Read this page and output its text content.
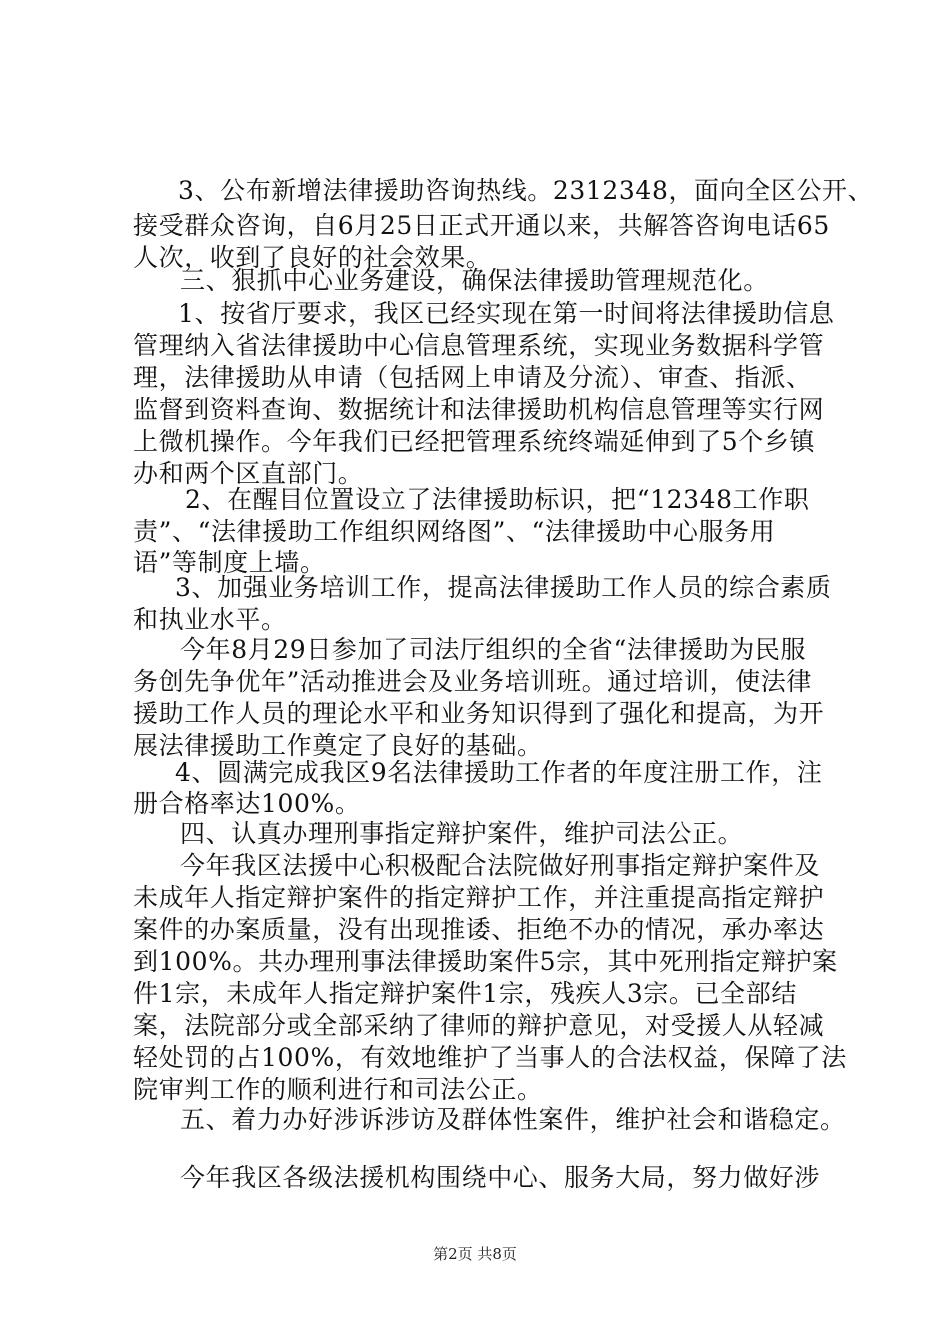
3、公布新增法律援助咨询热线。2312348，面向全区公开、
接受群众咨询，自6月25日正式开通以来，共解答咨询电话65
人次，收到了良好的社会效果。
三、狠抓中心业务建设，确保法律援助管理规范化。
1、按省厅要求，我区已经实现在第一时间将法律援助信息
管理纳入省法律援助中心信息管理系统，实现业务数据科学管
理，法律援助从申请（包括网上申请及分流）、审查、指派、
监督到资料查询、数据统计和法律援助机构信息管理等实行网
上微机操作。今年我们已经把管理系统终端延伸到了5个乡镇
办和两个区直部门。
2、在醒目位置设立了法律援助标识，把“12348工作职
责”、“法律援助工作组织网络图”、“法律援助中心服务用
语”等制度上墙。
3、加强业务培训工作，提高法律援助工作人员的综合素质
和执业水平。
今年8月29日参加了司法厅组织的全省“法律援助为民服
务创先争优年”活动推进会及业务培训班。通过培训，使法律
援助工作人员的理论水平和业务知识得到了强化和提高，为开
展法律援助工作奠定了良好的基础。
4、圆满完成我区9名法律援助工作者的年度注册工作，注
册合格率达100%。
四、认真办理刑事指定辩护案件，维护司法公正。
今年我区法援中心积极配合法院做好刑事指定辩护案件及
未成年人指定辩护案件的指定辩护工作，并注重提高指定辩护
案件的办案质量，没有出现推诿、拒绝不办的情况，承办率达
到100%。共办理刑事法律援助案件5宗，其中死刑指定辩护案
件1宗，未成年人指定辩护案件1宗，残疾人3宗。已全部结
案，法院部分或全部采纳了律师的辩护意见，对受援人从轻减
轻处罚的占100%，有效地维护了当事人的合法权益，保障了法
院审判工作的顺利进行和司法公正。
五、着力办好涉诉涉访及群体性案件，维护社会和谐稳定。
今年我区各级法援机构围绕中心、服务大局，努力做好涉
第2页 共8页
